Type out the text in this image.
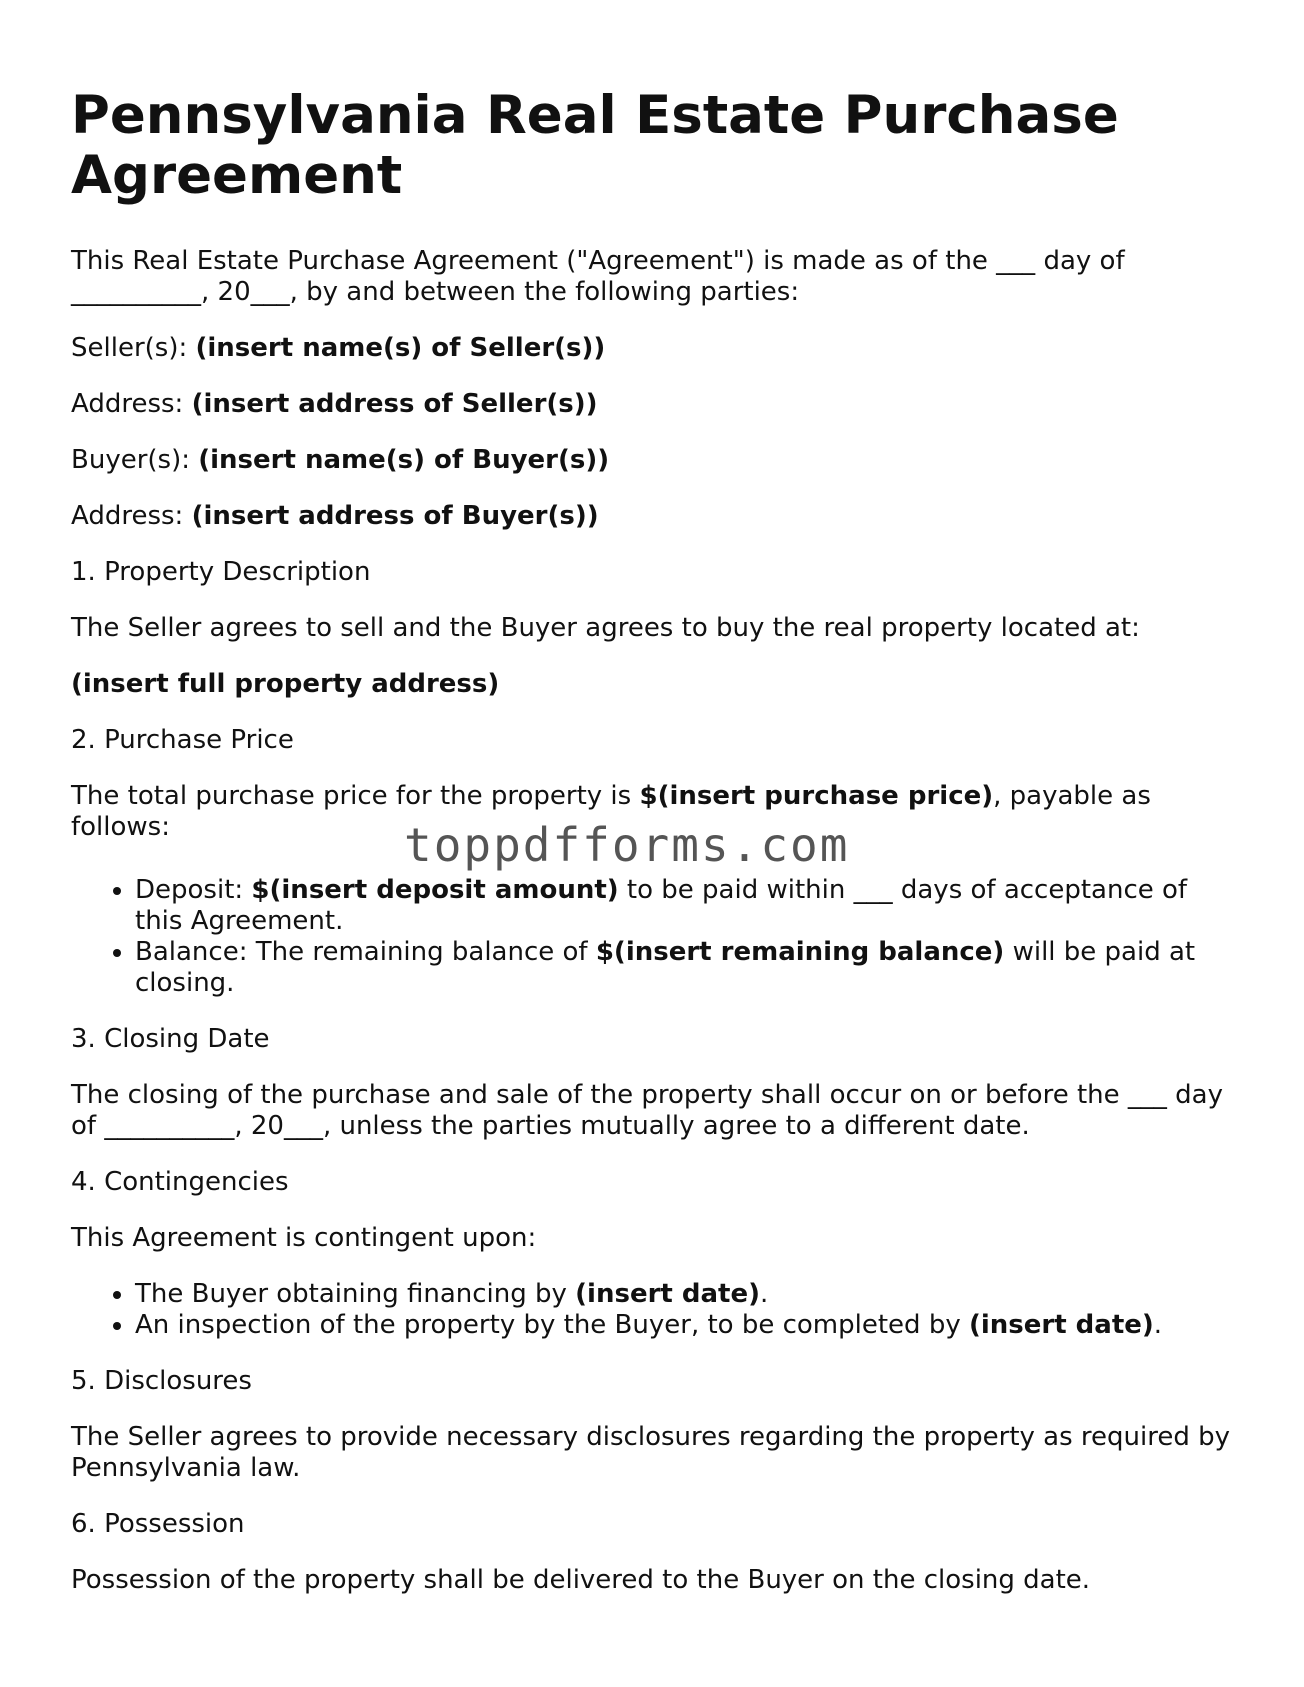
Pennsylvania Real Estate Purchase Agreement

This Real Estate Purchase Agreement ("Agreement") is made as of the ___ day of __________, 20___, by and between the following parties:

Seller(s): (insert name(s) of Seller(s))

Address: (insert address of Seller(s))

Buyer(s): (insert name(s) of Buyer(s))

Address: (insert address of Buyer(s))

1. Property Description

The Seller agrees to sell and the Buyer agrees to buy the real property located at:

(insert full property address)

2. Purchase Price

The total purchase price for the property is $(insert purchase price), payable as follows:

• Deposit: $(insert deposit amount) to be paid within ___ days of acceptance of this Agreement.
• Balance: The remaining balance of $(insert remaining balance) will be paid at closing.

3. Closing Date

The closing of the purchase and sale of the property shall occur on or before the ___ day of __________, 20___, unless the parties mutually agree to a different date.

4. Contingencies

This Agreement is contingent upon:

• The Buyer obtaining financing by (insert date).
• An inspection of the property by the Buyer, to be completed by (insert date).

5. Disclosures

The Seller agrees to provide necessary disclosures regarding the property as required by Pennsylvania law.

6. Possession

Possession of the property shall be delivered to the Buyer on the closing date.

toppdfforms.com
